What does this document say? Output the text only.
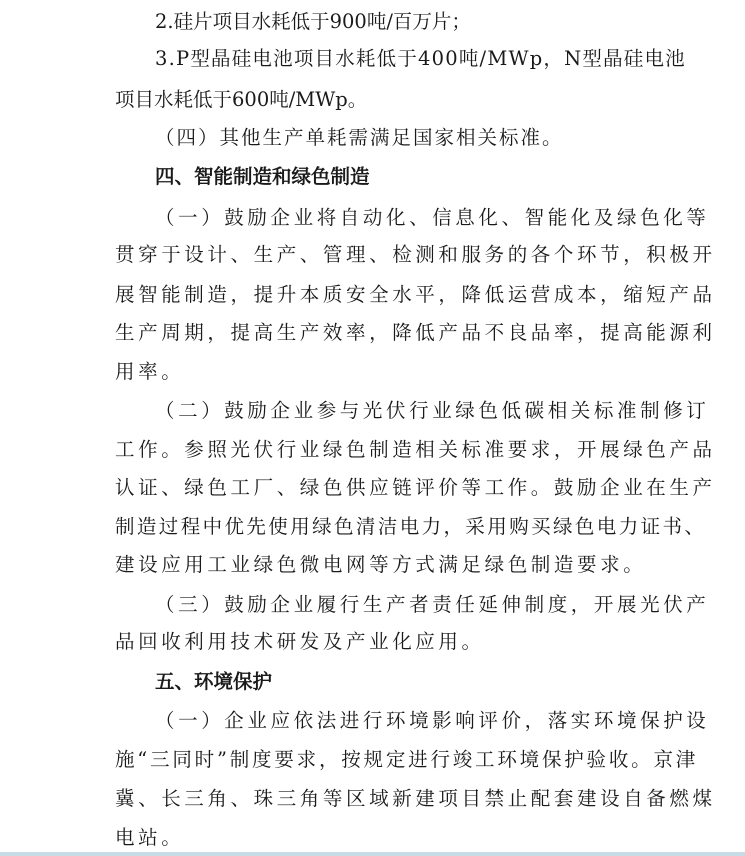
2.硅片项目水耗低于900吨/百万片；
3.P型晶硅电池项目水耗低于400吨/MWp，N型晶硅电池
项目水耗低于600吨/MWp。
（四）其他生产单耗需满足国家相关标准。
四、智能制造和绿色制造
（一）鼓励企业将自动化、信息化、智能化及绿色化等
贯穿于设计、生产、管理、检测和服务的各个环节，积极开
展智能制造，提升本质安全水平，降低运营成本，缩短产品
生产周期，提高生产效率，降低产品不良品率，提高能源利
用率。
（二）鼓励企业参与光伏行业绿色低碳相关标准制修订
工作。参照光伏行业绿色制造相关标准要求，开展绿色产品
认证、绿色工厂、绿色供应链评价等工作。鼓励企业在生产
制造过程中优先使用绿色清洁电力，采用购买绿色电力证书、
建设应用工业绿色微电网等方式满足绿色制造要求。
（三）鼓励企业履行生产者责任延伸制度，开展光伏产
品回收利用技术研发及产业化应用。
五、环境保护
（一）企业应依法进行环境影响评价，落实环境保护设
施“三同时”制度要求，按规定进行竣工环境保护验收。京津
冀、长三角、珠三角等区域新建项目禁止配套建设自备燃煤
电站。
